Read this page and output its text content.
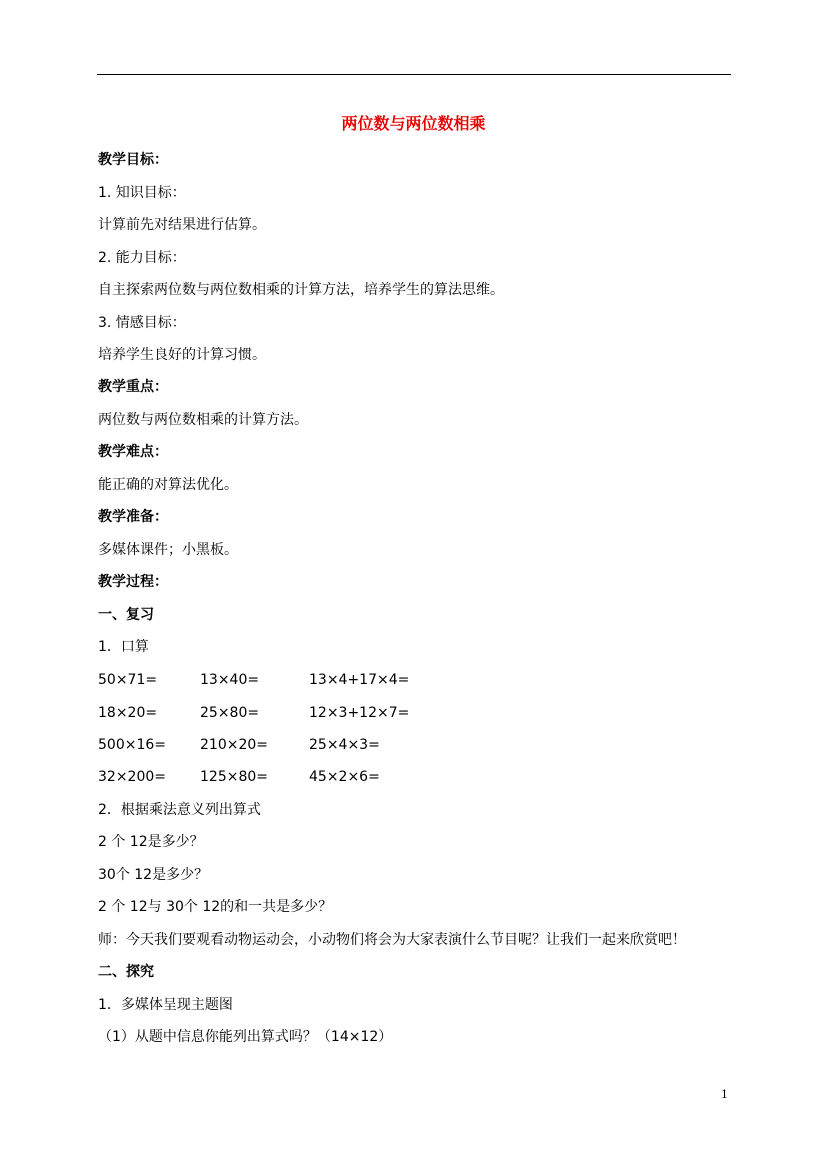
两位数与两位数相乘
教学目标：
1. 知识目标：
计算前先对结果进行估算。
2. 能力目标：
自主探索两位数与两位数相乘的计算方法，培养学生的算法思维。
3. 情感目标：
培养学生良好的计算习惯。
教学重点：
两位数与两位数相乘的计算方法。
教学难点：
能正确的对算法优化。
教学准备：
多媒体课件；小黑板。
教学过程：
一、复习
1．口算
50×71=	13×40=	13×4+17×4=
18×20=	25×80=	12×3+12×7=
500×16= 210×20=	25×4×3=
32×200= 125×80=	45×2×6=
2．根据乘法意义列出算式
2 个 12是多少？
30个 12是多少？
2 个 12与 30个 12的和一共是多少？
师：今天我们要观看动物运动会，小动物们将会为大家表演什么节目呢？让我们一起来欣赏吧！
二、探究
1．多媒体呈现主题图
（1）从题中信息你能列出算式吗？（14×12）
1
